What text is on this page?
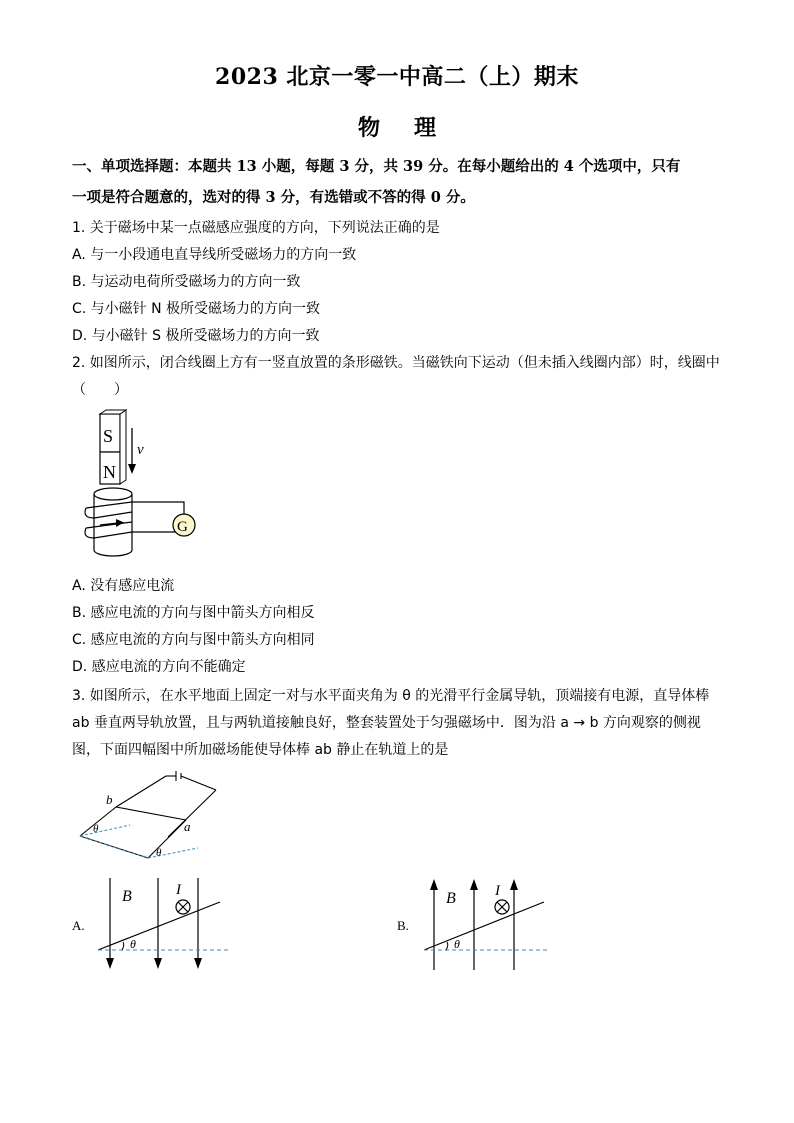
2023 北京一零一中高二（上）期末
物理
一、单项选择题：本题共 13 小题，每题 3 分，共 39 分。在每小题给出的 4 个选项中，只有
一项是符合题意的，选对的得 3 分，有选错或不答的得 0 分。
1. 关于磁场中某一点磁感应强度的方向，下列说法正确的是
A. 与一小段通电直导线所受磁场力的方向一致
B. 与运动电荷所受磁场力的方向一致
C. 与小磁针 N 极所受磁场力的方向一致
D. 与小磁针 S 极所受磁场力的方向一致
2. 如图所示，闭合线圈上方有一竖直放置的条形磁铁。当磁铁向下运动（但未插入线圈内部）时，线圈中
（　　）
S
N
v
G
A. 没有感应电流
B. 感应电流的方向与图中箭头方向相反
C. 感应电流的方向与图中箭头方向相同
D. 感应电流的方向不能确定
3. 如图所示，在水平地面上固定一对与水平面夹角为 θ 的光滑平行金属导轨，顶端接有电源，直导体棒
ab 垂直两导轨放置，且与两轨道接触良好，整套装置处于匀强磁场中．图为沿 a → b 方向观察的侧视
图，下面四幅图中所加磁场能使导体棒 ab 静止在轨道上的是
b
a
θ
θ
A.
B	I
θ
B.
B	I
θ
